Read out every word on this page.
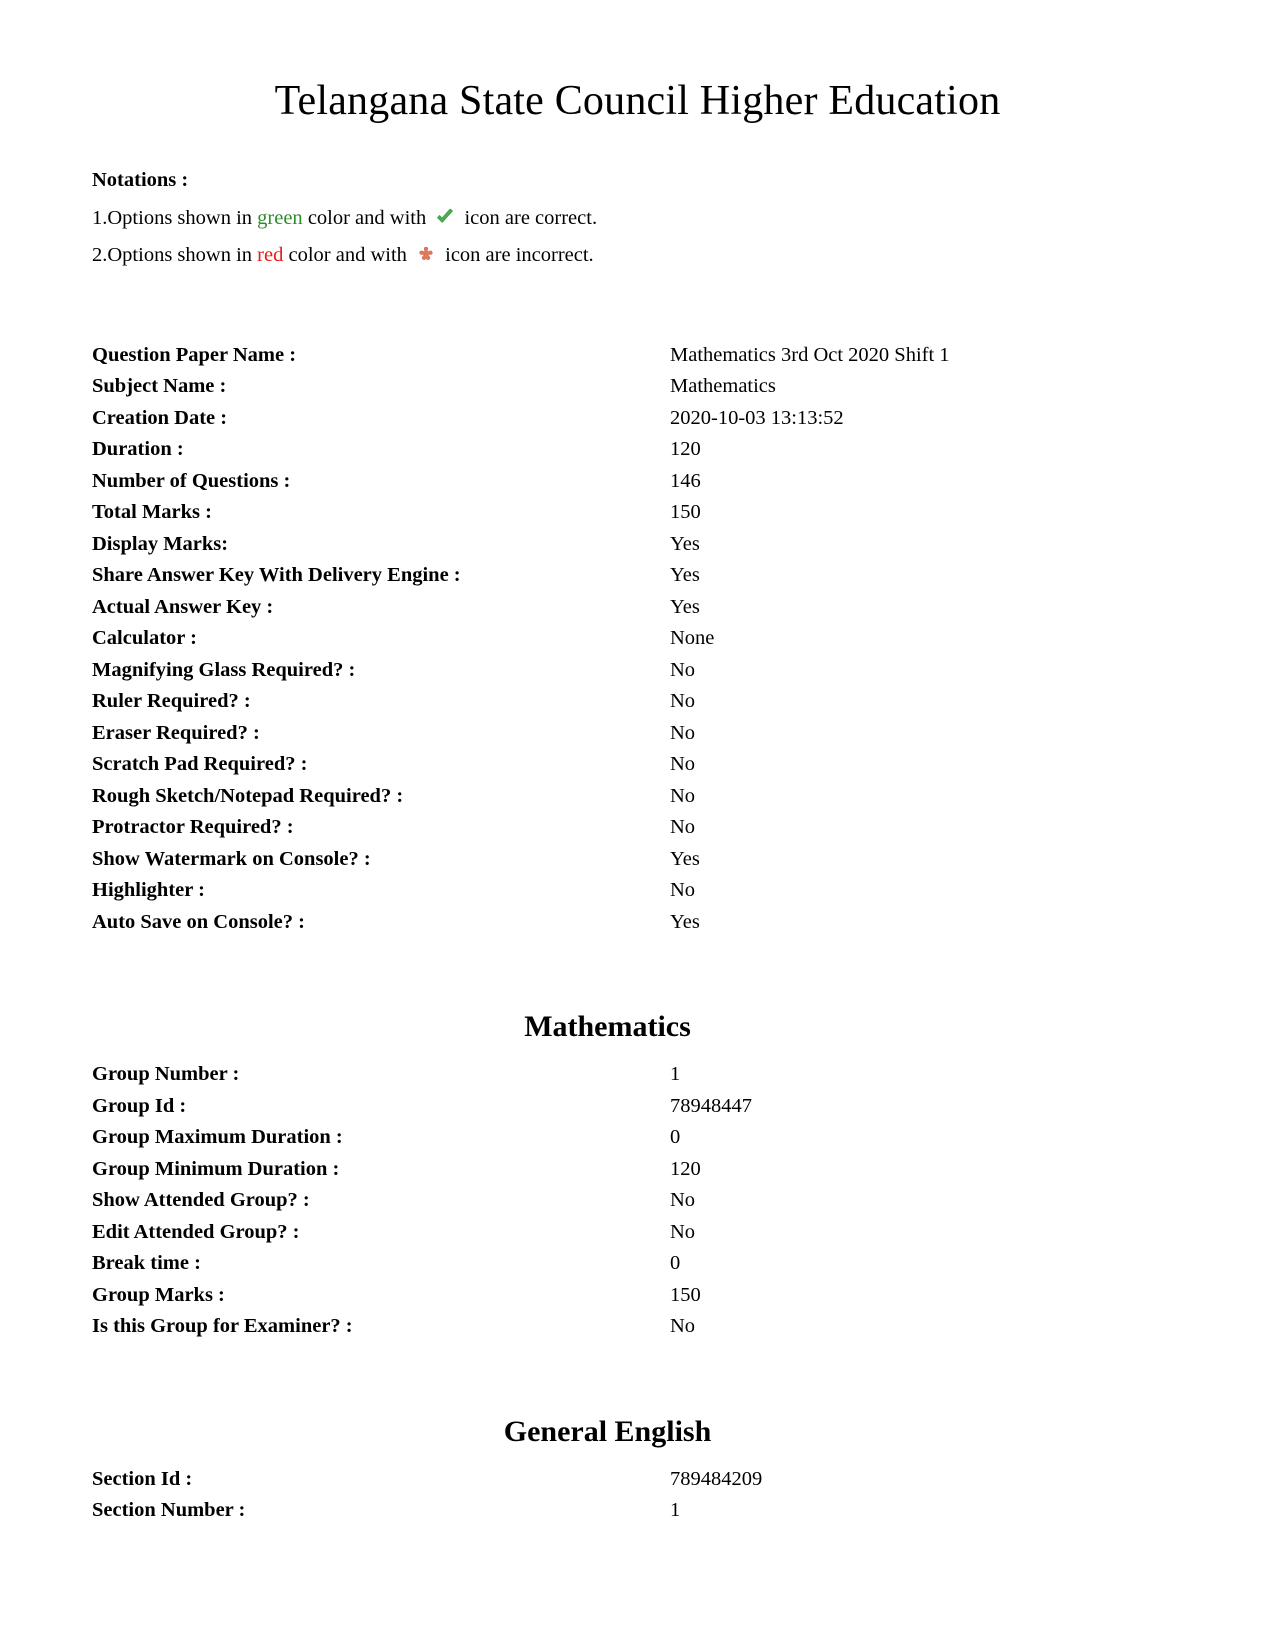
Telangana State Council Higher Education
Notations :
1.Options shown in green color and with
icon are correct.
2.Options shown in red color and with
icon are incorrect.
Question Paper Name :	Mathematics 3rd Oct 2020 Shift 1
Subject Name :	Mathematics
Creation Date :	2020-10-03 13:13:52
Duration :	120
Number of Questions :	146
Total Marks :	150
Display Marks:	Yes
Share Answer Key With Delivery Engine :	Yes
Actual Answer Key :	Yes
Calculator :	None
Magnifying Glass Required? :	No
Ruler Required? :	No
Eraser Required? :	No
Scratch Pad Required? :	No
Rough Sketch/Notepad Required? :	No
Protractor Required? :	No
Show Watermark on Console? :	Yes
Highlighter :	No
Auto Save on Console? :	Yes
Mathematics
Group Number :	1
Group Id :	78948447
Group Maximum Duration :	0
Group Minimum Duration :	120
Show Attended Group? :	No
Edit Attended Group? :	No
Break time :	0
Group Marks :	150
Is this Group for Examiner? :	No
General English
Section Id :	789484209
Section Number :	1
